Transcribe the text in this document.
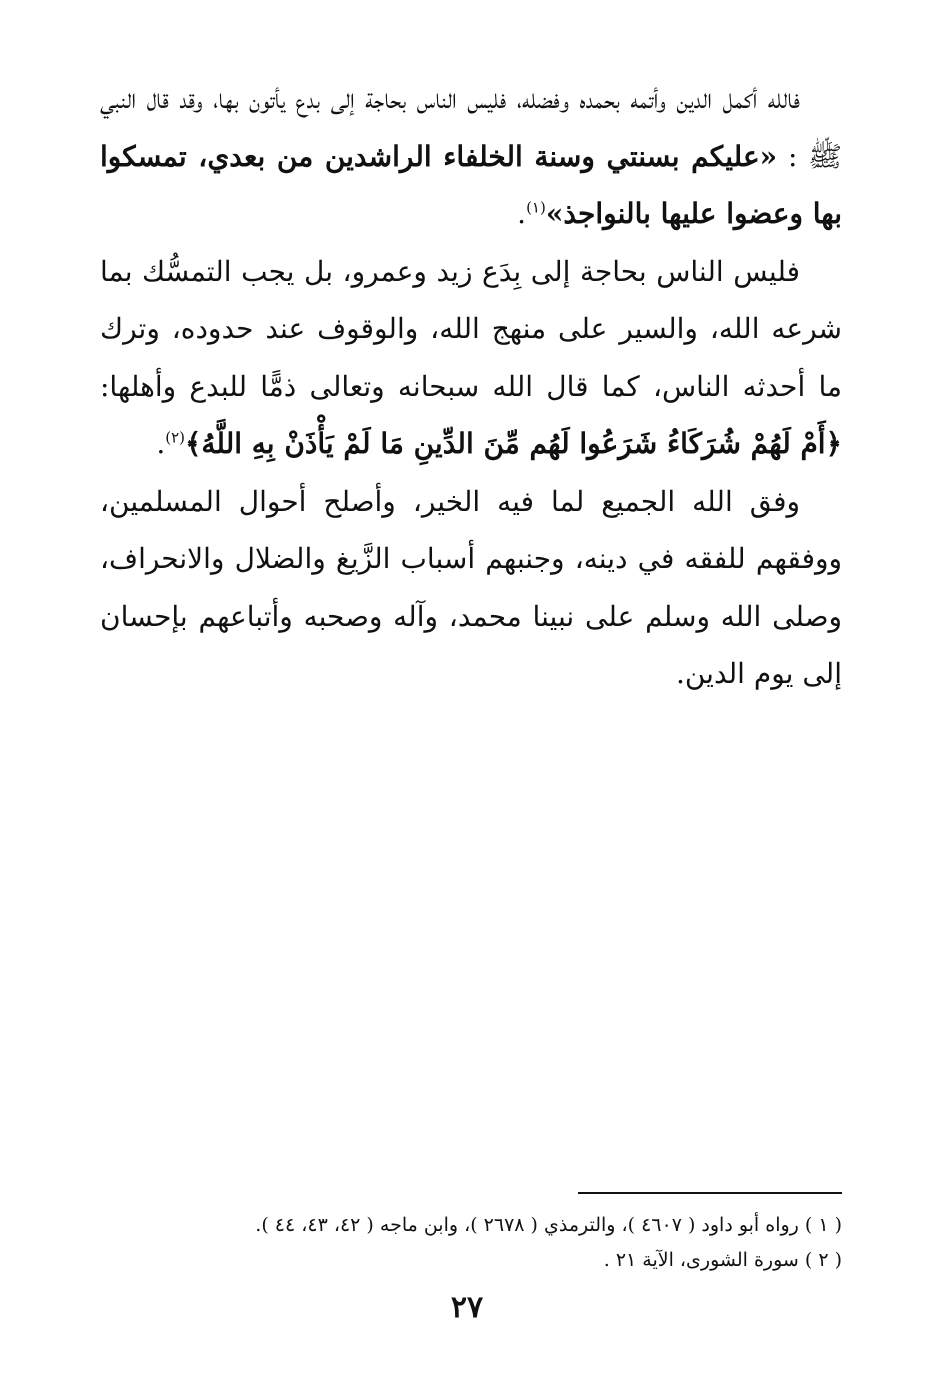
فالله أكمل الدين وأتمه بحمده وفضله، فليس الناس بحاجة إلى بدع يأتون بها، وقد قال النبي ﷺ : «عليكم بسنتي وسنة الخلفاء الراشدين من بعدي، تمسكوا بها وعضوا عليها بالنواجذ»$^{(١)}$.

فليس الناس بحاجة إلى بِدَع زيد وعمرو، بل يجب التمسُّك بما شرعه الله، والسير على منهج الله، والوقوف عند حدوده، وترك ما أحدثه الناس، كما قال الله سبحانه وتعالى ذمًّا للبدع وأهلها: ﴿أَمْ لَهُمْ شُرَكَاءُ شَرَعُوا لَهُم مِّنَ الدِّينِ مَا لَمْ يَأْذَنْ بِهِ اللَّهُ﴾$^{(٢)}$.

وفق الله الجميع لما فيه الخير، وأصلح أحوال المسلمين، ووفقهم للفقه في دينه، وجنبهم أسباب الزَّيغ والضلال والانحراف، وصلى الله وسلم على نبينا محمد، وآله وصحبه وأتباعهم بإحسان إلى يوم الدين.

( ١ ) رواه أبو داود ( ٤٦٠٧ )، والترمذي ( ٢٦٧٨ )، وابن ماجه ( ٤٢، ٤٣، ٤٤ ).
( ٢ ) سورة الشورى، الآية ٢١ .
٢٧
